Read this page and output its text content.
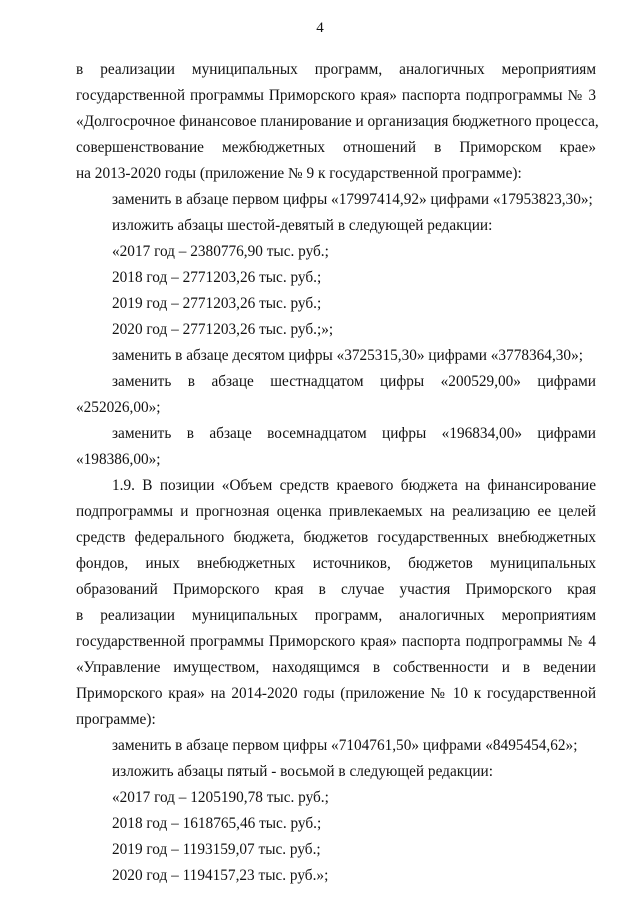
4
в реализации муниципальных программ, аналогичных мероприятиям
государственной программы Приморского края» паспорта подпрограммы № 3
«Долгосрочное финансовое планирование и организация бюджетного процесса,
совершенствование межбюджетных отношений в Приморском крае»
на 2013-2020 годы (приложение № 9 к государственной программе):
заменить в абзаце первом цифры «17997414,92» цифрами «17953823,30»;
изложить абзацы шестой-девятый в следующей редакции:
«2017 год – 2380776,90 тыс. руб.;
2018 год – 2771203,26 тыс. руб.;
2019 год – 2771203,26 тыс. руб.;
2020 год – 2771203,26 тыс. руб.;»;
заменить в абзаце десятом цифры «3725315,30» цифрами «3778364,30»;
заменить в абзаце шестнадцатом цифры «200529,00» цифрами
«252026,00»;
заменить в абзаце восемнадцатом цифры «196834,00» цифрами
«198386,00»;
1.9. В позиции «Объем средств краевого бюджета на финансирование
подпрограммы и прогнозная оценка привлекаемых на реализацию ее целей
средств федерального бюджета, бюджетов государственных внебюджетных
фондов, иных внебюджетных источников, бюджетов муниципальных
образований Приморского края в случае участия Приморского края
в реализации муниципальных программ, аналогичных мероприятиям
государственной программы Приморского края» паспорта подпрограммы № 4
«Управление имуществом, находящимся в собственности и в ведении
Приморского края» на 2014-2020 годы (приложение № 10 к государственной
программе):
заменить в абзаце первом цифры «7104761,50» цифрами «8495454,62»;
изложить абзацы пятый - восьмой в следующей редакции:
«2017 год – 1205190,78 тыс. руб.;
2018 год – 1618765,46 тыс. руб.;
2019 год – 1193159,07 тыс. руб.;
2020 год – 1194157,23 тыс. руб.»;
